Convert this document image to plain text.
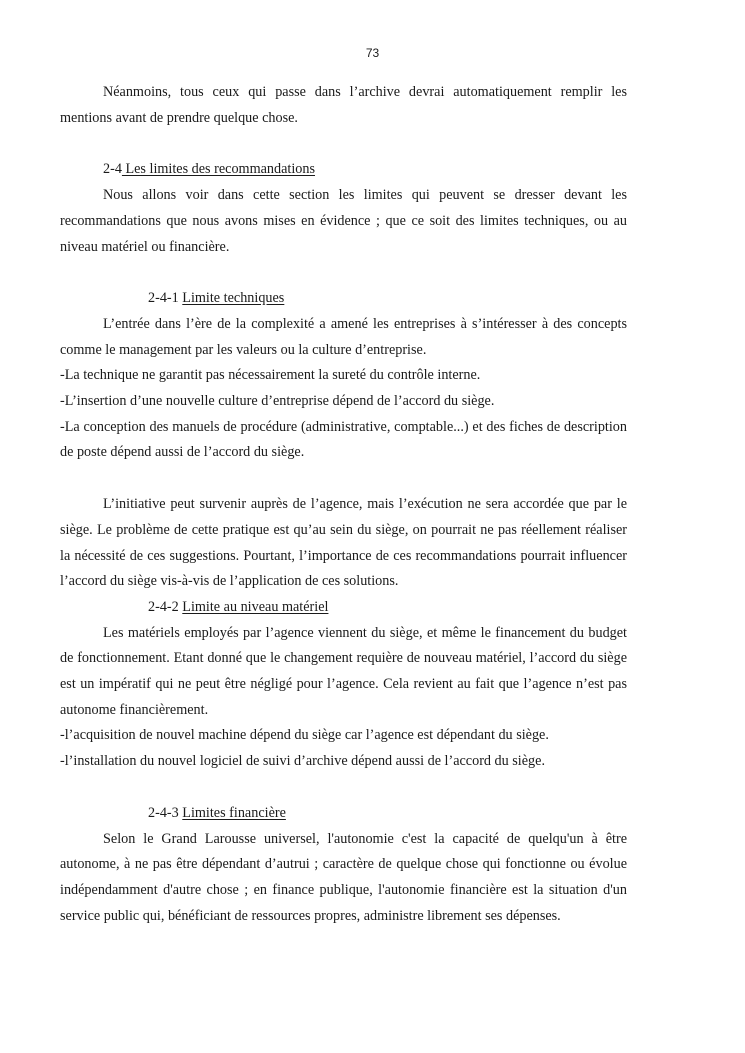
73

Néanmoins, tous ceux qui passe dans l’archive devrai automatiquement remplir les mentions avant de prendre quelque chose.

2-4 Les limites des recommandations

Nous allons voir dans cette section les limites qui peuvent se dresser devant les recommandations que nous avons mises en évidence ; que ce soit des limites techniques, ou au niveau matériel ou financière.

2-4-1 Limite techniques

L’entrée dans l’ère de la complexité a amené les entreprises à s’intéresser à des concepts comme le management par les valeurs ou la culture d’entreprise.

-La technique ne garantit pas nécessairement la sureté du contrôle interne.

-L’insertion d’une nouvelle culture d’entreprise dépend de l’accord du siège.

-La conception des manuels de procédure (administrative, comptable...) et des fiches de description de poste dépend aussi de l’accord du siège.

L’initiative peut survenir auprès de l’agence, mais l’exécution ne sera accordée que par le siège. Le problème de cette pratique est qu’au sein du siège, on pourrait ne pas réellement réaliser la nécessité de ces suggestions. Pourtant, l’importance de ces recommandations pourrait influencer l’accord du siège vis-à-vis de l’application de ces solutions.

2-4-2 Limite au niveau matériel

Les matériels employés par l’agence viennent du siège, et même le financement du budget de fonctionnement. Etant donné que le changement requière de nouveau matériel, l’accord du siège est un impératif qui ne peut être négligé pour l’agence. Cela revient au fait que l’agence n’est pas autonome financièrement.

-l’acquisition de nouvel machine dépend du siège car l’agence est dépendant du siège.

-l’installation du nouvel logiciel de suivi d’archive dépend aussi de l’accord du siège.

2-4-3 Limites financière

Selon le Grand Larousse universel, l'autonomie c'est la capacité de quelqu'un à être autonome, à ne pas être dépendant d’autrui ; caractère de quelque chose qui fonctionne ou évolue indépendamment d'autre chose ; en finance publique, l'autonomie financière est la situation d'un service public qui, bénéficiant de ressources propres, administre librement ses dépenses.
